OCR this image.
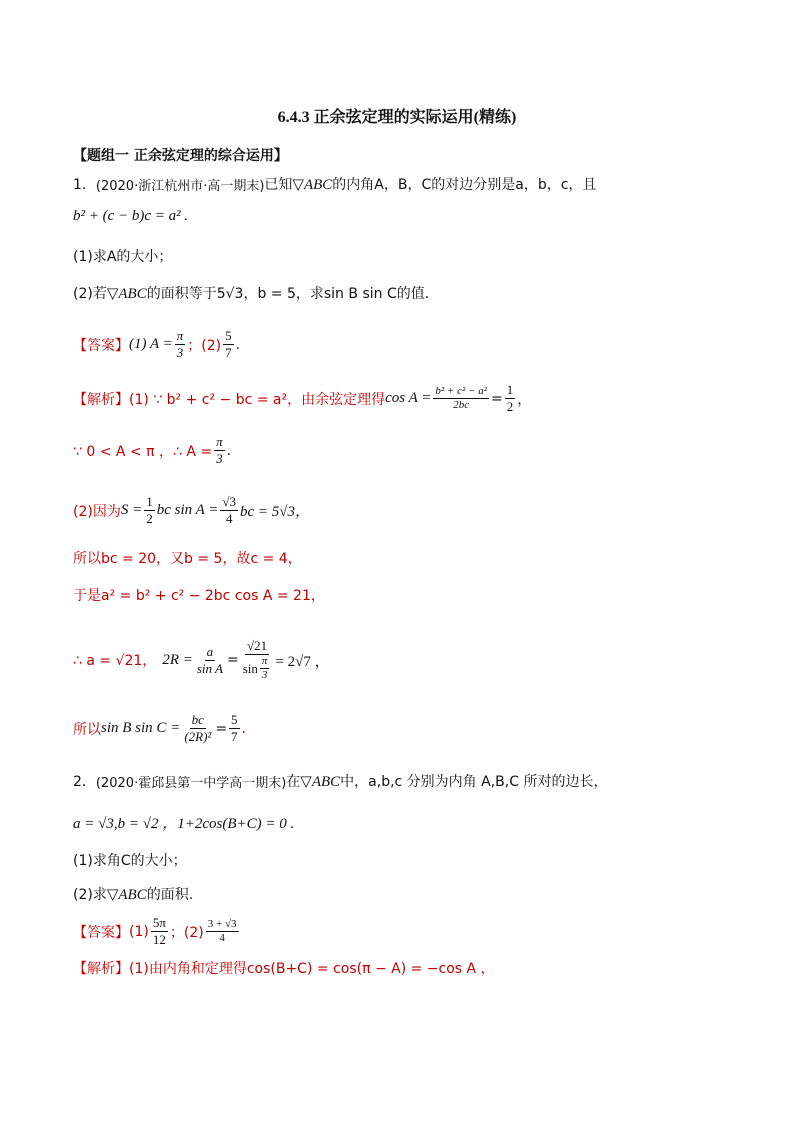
6.4.3 正余弦定理的实际运用(精练)
【题组一 正余弦定理的综合运用】
1． (2020·浙江杭州市·高一期末) 已知 ▽ABC 的内角A，B，C的对边分别是a，b，c，且
b² + (c − b)c = a² .
(1)求A的大小；
(2)若 ▽ABC 的面积等于5√3，b = 5，求sin B sin C的值．
【答案】 (1) $A = \frac{\pi}{3}$ ；$(2) \frac{5}{7}$ .
【解析】 (1) ∵ b² + c² − bc = a²，由余弦定理得 $\cos A = \frac{\text{b² + c² − a²}}{2bc} = \frac{1}{2}$ ，
∵ 0 < A < π ，∴ $A = \frac{\pi}{3}$ .
(2)因为 $S = \frac{1}{2}$ bc $\sin A = \frac{√3}{4}$ bc = 5√3，
所以bc = 20，又b = 5，故c = 4，
于是a² = b² + c² − 2bc cos A = 21，
∴ a = √21， $2R = \frac{a}{\text{sin A}} = \frac{√21}{\sin \frac{\pi}{3}} = 2√7$ ，
所以 sin B $\sin C = \frac{bc}{\text{(2R)²}} = \frac{5}{7}$ .
2． (2020·霍邱县第一中学高一期末) 在 ▽ABC 中，a,b,c 分别为内角 A,B,C 所对的边长，
a = √3,b = √2 ，1+2cos(B+C) = 0 .
(1)求角C的大小；
(2)求 ▽ABC 的面积.
【答案】 $(1) \frac{5\pi}{12}$ ；$(2) \frac{3 + √3}{4}$
【解析】 (1)由内角和定理得cos(B+C) = cos(π − A) = −cos A ，
